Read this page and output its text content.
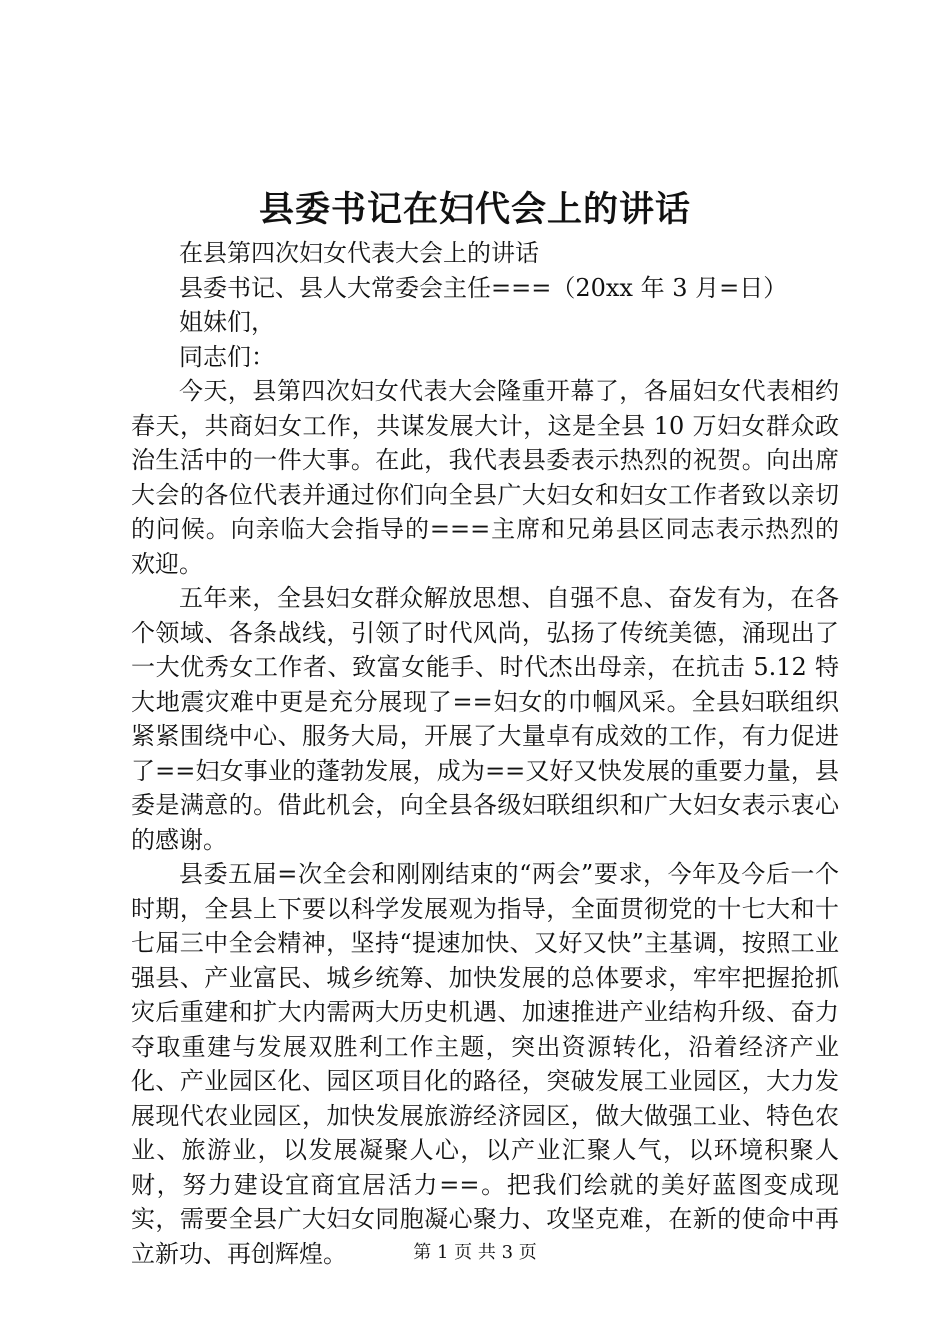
县委书记在妇代会上的讲话

在县第四次妇女代表大会上的讲话

县委书记、县人大常委会主任===（20xx 年 3 月=日）

姐妹们，

同志们：

今天，县第四次妇女代表大会隆重开幕了，各届妇女代表相约春天，共商妇女工作，共谋发展大计，这是全县 10 万妇女群众政治生活中的一件大事。在此，我代表县委表示热烈的祝贺。向出席大会的各位代表并通过你们向全县广大妇女和妇女工作者致以亲切的问候。向亲临大会指导的===主席和兄弟县区同志表示热烈的欢迎。

五年来，全县妇女群众解放思想、自强不息、奋发有为，在各个领域、各条战线，引领了时代风尚，弘扬了传统美德，涌现出了一大优秀女工作者、致富女能手、时代杰出母亲，在抗击 5.12 特大地震灾难中更是充分展现了==妇女的巾帼风采。全县妇联组织紧紧围绕中心、服务大局，开展了大量卓有成效的工作，有力促进了==妇女事业的蓬勃发展，成为==又好又快发展的重要力量，县委是满意的。借此机会，向全县各级妇联组织和广大妇女表示衷心的感谢。

县委五届=次全会和刚刚结束的“两会”要求，今年及今后一个时期，全县上下要以科学发展观为指导，全面贯彻党的十七大和十七届三中全会精神，坚持“提速加快、又好又快”主基调，按照工业强县、产业富民、城乡统筹、加快发展的总体要求，牢牢把握抢抓灾后重建和扩大内需两大历史机遇、加速推进产业结构升级、奋力夺取重建与发展双胜利工作主题，突出资源转化，沿着经济产业化、产业园区化、园区项目化的路径，突破发展工业园区，大力发展现代农业园区，加快发展旅游经济园区，做大做强工业、特色农业、旅游业，以发展凝聚人心，以产业汇聚人气，以环境积聚人财，努力建设宜商宜居活力==。把我们绘就的美好蓝图变成现实，需要全县广大妇女同胞凝心聚力、攻坚克难，在新的使命中再立新功、再创辉煌。	第 1 页 共 3 页
